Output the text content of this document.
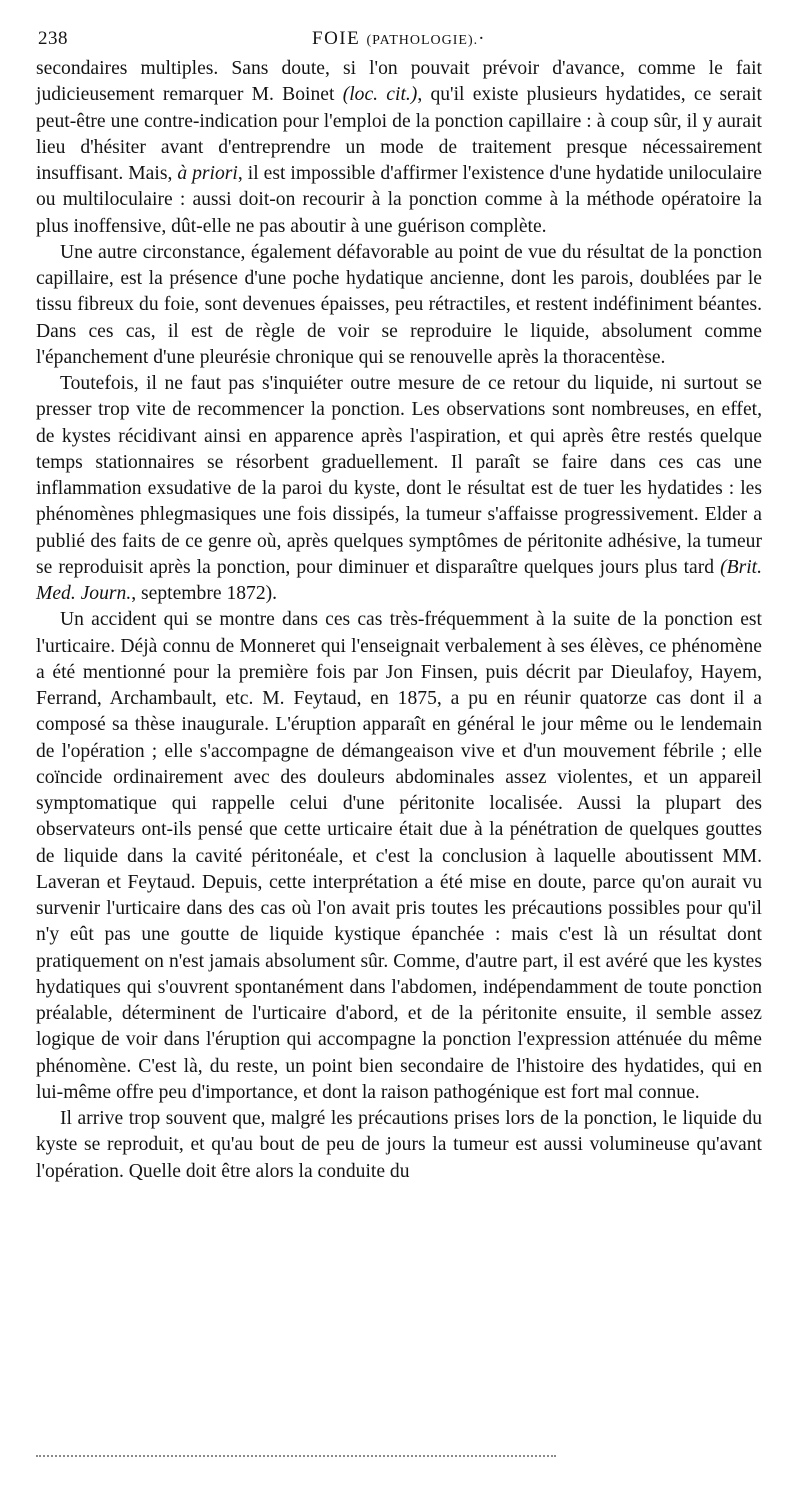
238	FOIE (PATHOLOGIE).·

secondaires multiples. Sans doute, si l'on pouvait prévoir d'avance, comme le fait judicieusement remarquer M. Boinet (loc. cit.), qu'il existe plusieurs hydatides, ce serait peut-être une contre-indication pour l'emploi de la ponction capillaire : à coup sûr, il y aurait lieu d'hésiter avant d'entreprendre un mode de traitement presque nécessairement insuffisant. Mais, à priori, il est impossible d'affirmer l'existence d'une hydatide uniloculaire ou multiloculaire : aussi doit-on recourir à la ponction comme à la méthode opératoire la plus inoffensive, dût-elle ne pas aboutir à une guérison complète.

Une autre circonstance, également défavorable au point de vue du résultat de la ponction capillaire, est la présence d'une poche hydatique ancienne, dont les parois, doublées par le tissu fibreux du foie, sont devenues épaisses, peu rétractiles, et restent indéfiniment béantes. Dans ces cas, il est de règle de voir se reproduire le liquide, absolument comme l'épanchement d'une pleurésie chronique qui se renouvelle après la thoracentèse.

Toutefois, il ne faut pas s'inquiéter outre mesure de ce retour du liquide, ni surtout se presser trop vite de recommencer la ponction. Les observations sont nombreuses, en effet, de kystes récidivant ainsi en apparence après l'aspiration, et qui après être restés quelque temps stationnaires se résorbent graduellement. Il paraît se faire dans ces cas une inflammation exsudative de la paroi du kyste, dont le résultat est de tuer les hydatides : les phénomènes phlegmasiques une fois dissipés, la tumeur s'affaisse progressivement. Elder a publié des faits de ce genre où, après quelques symptômes de péritonite adhésive, la tumeur se reproduisit après la ponction, pour diminuer et disparaître quelques jours plus tard (Brit. Med. Journ., septembre 1872).

Un accident qui se montre dans ces cas très-fréquemment à la suite de la ponction est l'urticaire. Déjà connu de Monneret qui l'enseignait verbalement à ses élèves, ce phénomène a été mentionné pour la première fois par Jon Finsen, puis décrit par Dieulafoy, Hayem, Ferrand, Archambault, etc. M. Feytaud, en 1875, a pu en réunir quatorze cas dont il a composé sa thèse inaugurale. L'éruption apparaît en général le jour même ou le lendemain de l'opération ; elle s'accompagne de démangeaison vive et d'un mouvement fébrile ; elle coïncide ordinairement avec des douleurs abdominales assez violentes, et un appareil symptomatique qui rappelle celui d'une péritonite localisée. Aussi la plupart des observateurs ont-ils pensé que cette urticaire était due à la pénétration de quelques gouttes de liquide dans la cavité péritonéale, et c'est la conclusion à laquelle aboutissent MM. Laveran et Feytaud. Depuis, cette interprétation a été mise en doute, parce qu'on aurait vu survenir l'urticaire dans des cas où l'on avait pris toutes les précautions possibles pour qu'il n'y eût pas une goutte de liquide kystique épanchée : mais c'est là un résultat dont pratiquement on n'est jamais absolument sûr. Comme, d'autre part, il est avéré que les kystes hydatiques qui s'ouvrent spontanément dans l'abdomen, indépendamment de toute ponction préalable, déterminent de l'urticaire d'abord, et de la péritonite ensuite, il semble assez logique de voir dans l'éruption qui accompagne la ponction l'expression atténuée du même phénomène. C'est là, du reste, un point bien secondaire de l'histoire des hydatides, qui en lui-même offre peu d'importance, et dont la raison pathogénique est fort mal connue.

Il arrive trop souvent que, malgré les précautions prises lors de la ponction, le liquide du kyste se reproduit, et qu'au bout de peu de jours la tumeur est aussi volumineuse qu'avant l'opération. Quelle doit être alors la conduite du
